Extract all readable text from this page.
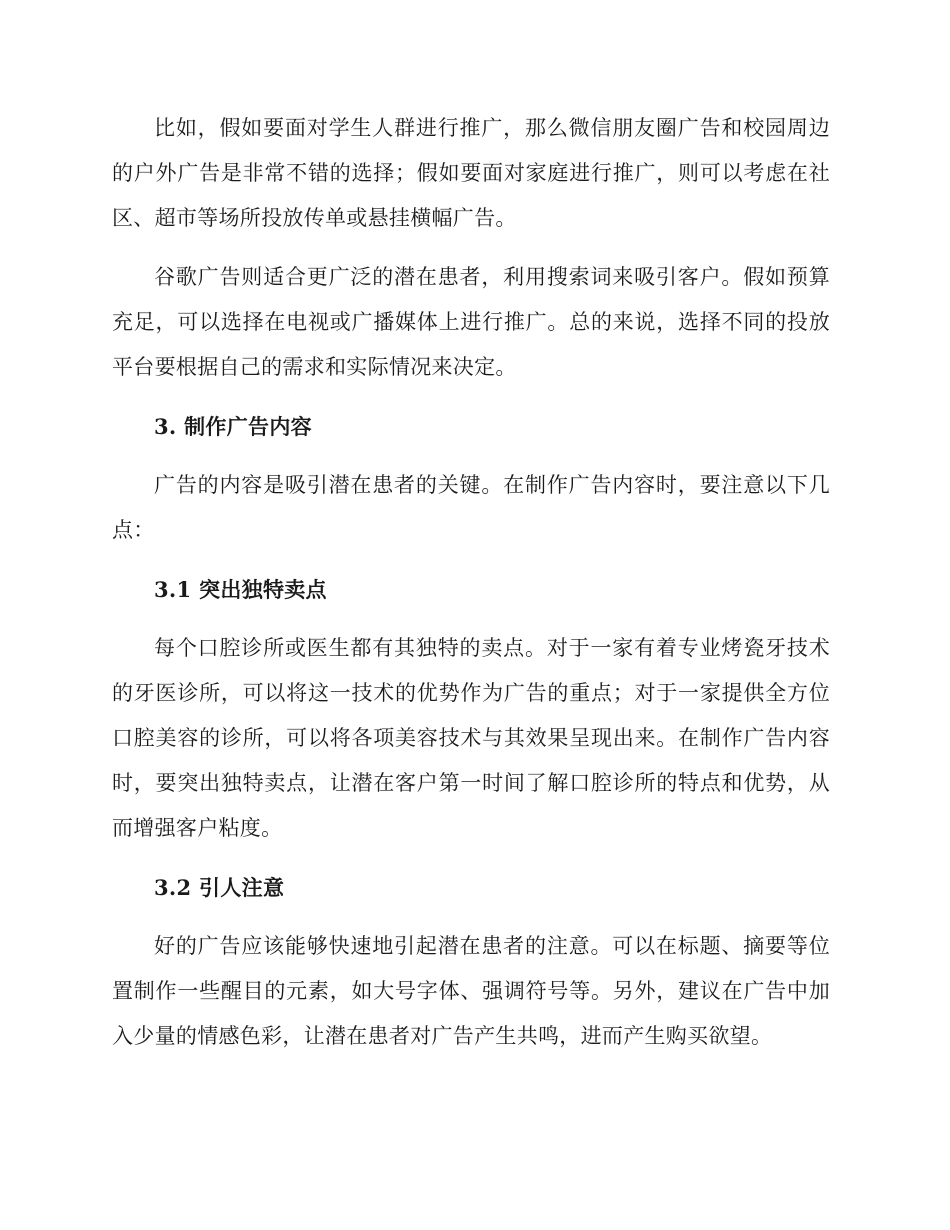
比如，假如要面对学生人群进行推广，那么微信朋友圈广告和校园周边的户外广告是非常不错的选择；假如要面对家庭进行推广，则可以考虑在社区、超市等场所投放传单或悬挂横幅广告。

谷歌广告则适合更广泛的潜在患者，利用搜索词来吸引客户。假如预算充足，可以选择在电视或广播媒体上进行推广。总的来说，选择不同的投放平台要根据自己的需求和实际情况来决定。

3. 制作广告内容

广告的内容是吸引潜在患者的关键。在制作广告内容时，要注意以下几点：

3.1 突出独特卖点

每个口腔诊所或医生都有其独特的卖点。对于一家有着专业烤瓷牙技术的牙医诊所，可以将这一技术的优势作为广告的重点；对于一家提供全方位口腔美容的诊所，可以将各项美容技术与其效果呈现出来。在制作广告内容时，要突出独特卖点，让潜在客户第一时间了解口腔诊所的特点和优势，从而增强客户粘度。

3.2 引人注意

好的广告应该能够快速地引起潜在患者的注意。可以在标题、摘要等位置制作一些醒目的元素，如大号字体、强调符号等。另外，建议在广告中加入少量的情感色彩，让潜在患者对广告产生共鸣，进而产生购买欲望。
